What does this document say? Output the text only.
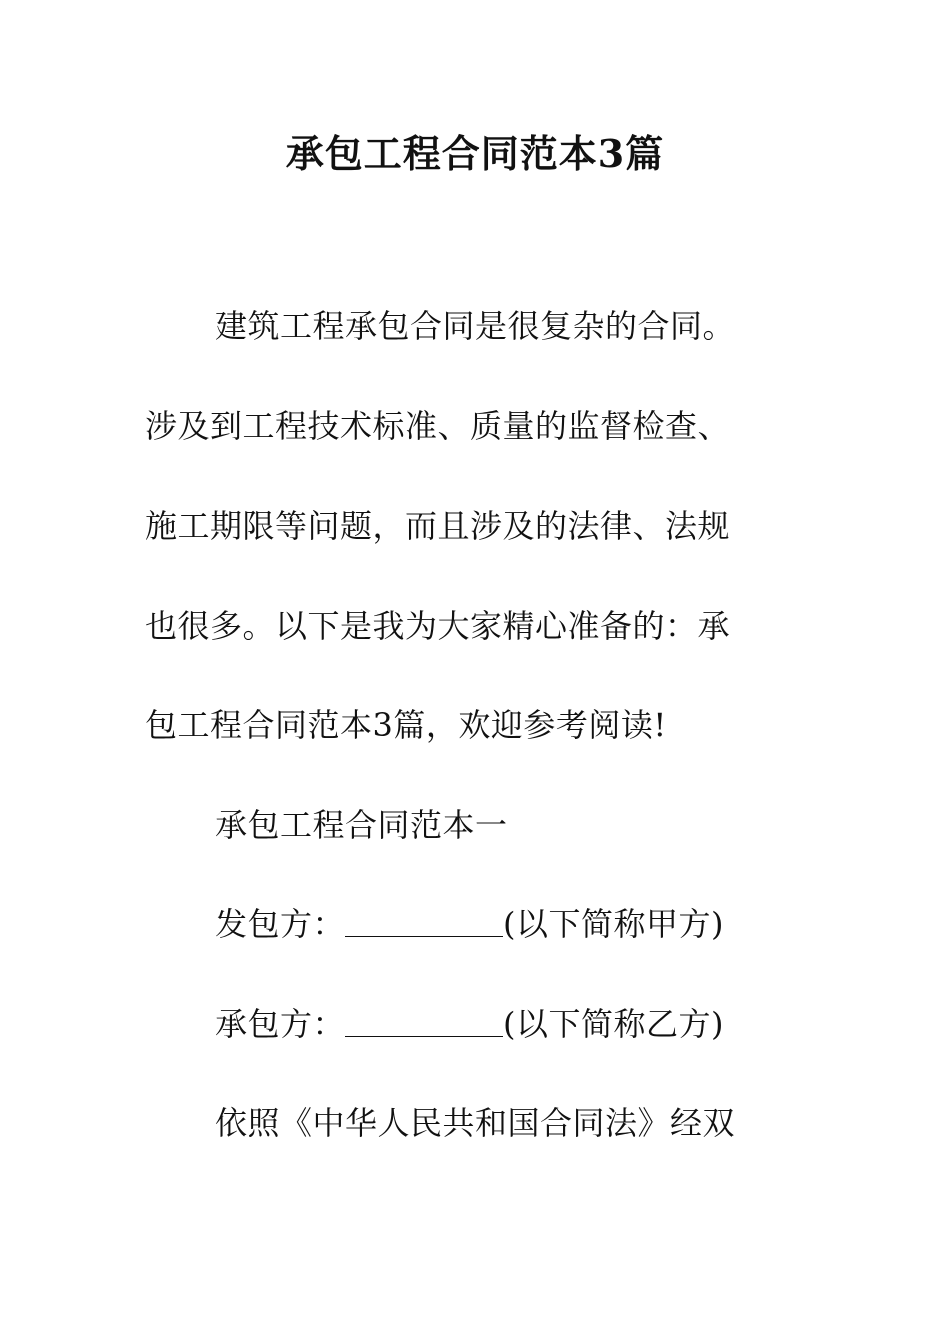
承包工程合同范本3篇
建筑工程承包合同是很复杂的合同。
涉及到工程技术标准、质量的监督检查、
施工期限等问题，而且涉及的法律、法规
也很多。以下是我为大家精心准备的：承
包工程合同范本3篇，欢迎参考阅读!
承包工程合同范本一
发包方：	(以下简称甲方)
承包方：	(以下简称乙方)
依照《中华人民共和国合同法》经双
